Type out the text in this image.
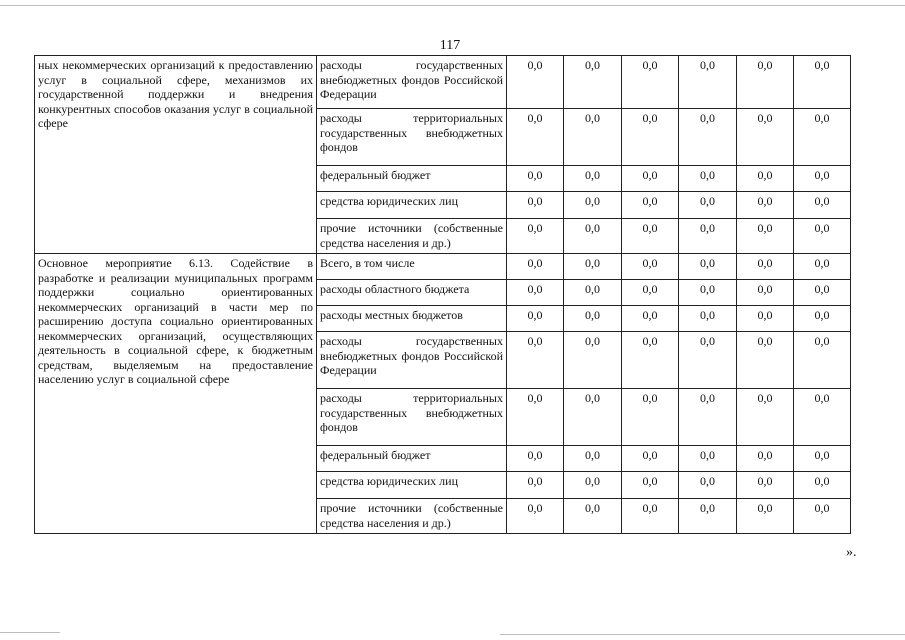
117
ных некоммерческих организаций к предоставлению услуг в социальной сфере, механизмов их государственной поддержки и внедрения конкурентных способов оказания услуг в социальной сфере	расходы государственных внебюджетных фондов Российской Федерации	0,0	0,0	0,0	0,0	0,0	0,0
	расходы территориальных государственных внебюджетных фондов	0,0	0,0	0,0	0,0	0,0	0,0
	федеральный бюджет	0,0	0,0	0,0	0,0	0,0	0,0
	средства юридических лиц	0,0	0,0	0,0	0,0	0,0	0,0
	прочие источники (собственные средства населения и др.)	0,0	0,0	0,0	0,0	0,0	0,0
Основное мероприятие 6.13. Содействие в разработке и реализации муниципальных программ поддержки социально ориентированных некоммерческих организаций в части мер по расширению доступа социально ориентированных некоммерческих организаций, осуществляющих деятельность в социальной сфере, к бюджетным средствам, выделяемым на предоставление населению услуг в социальной сфере	Всего, в том числе	0,0	0,0	0,0	0,0	0,0	0,0
	расходы областного бюджета	0,0	0,0	0,0	0,0	0,0	0,0
	расходы местных бюджетов	0,0	0,0	0,0	0,0	0,0	0,0
	расходы государственных внебюджетных фондов Российской Федерации	0,0	0,0	0,0	0,0	0,0	0,0
	расходы территориальных государственных внебюджетных фондов	0,0	0,0	0,0	0,0	0,0	0,0
	федеральный бюджет	0,0	0,0	0,0	0,0	0,0	0,0
	средства юридических лиц	0,0	0,0	0,0	0,0	0,0	0,0
	прочие источники (собственные средства населения и др.)	0,0	0,0	0,0	0,0	0,0	0,0
».
